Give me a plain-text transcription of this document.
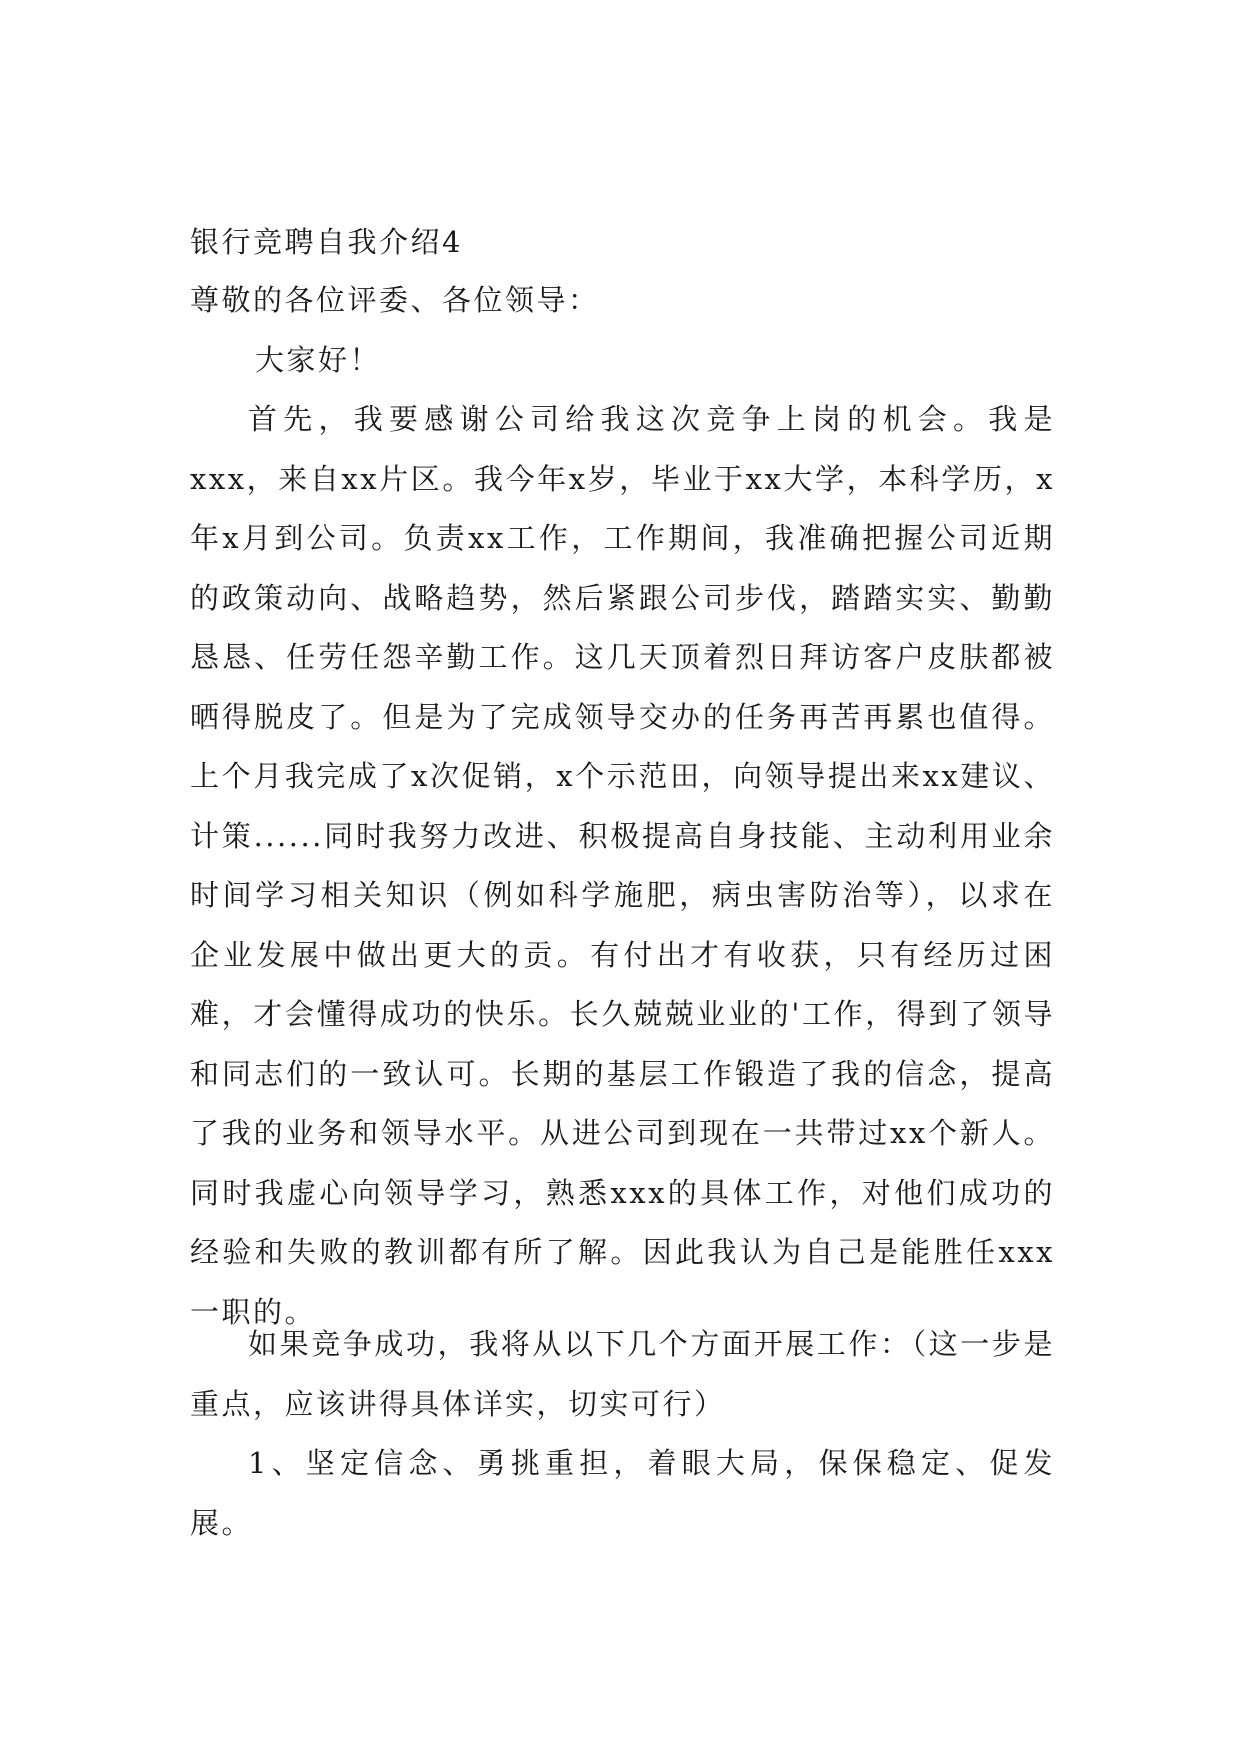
银行竞聘自我介绍4
尊敬的各位评委、各位领导：
大家好！

首先，我要感谢公司给我这次竞争上岗的机会。我是xxx，来自xx片区。我今年x岁，毕业于xx大学，本科学历，x年x月到公司。负责xx工作，工作期间，我准确把握公司近期的政策动向、战略趋势，然后紧跟公司步伐，踏踏实实、勤勤恳恳、任劳任怨辛勤工作。这几天顶着烈日拜访客户皮肤都被晒得脱皮了。但是为了完成领导交办的任务再苦再累也值得。上个月我完成了x次促销，x个示范田，向领导提出来xx建议、计策......同时我努力改进、积极提高自身技能、主动利用业余时间学习相关知识（例如科学施肥，病虫害防治等），以求在企业发展中做出更大的贡。有付出才有收获，只有经历过困难，才会懂得成功的快乐。长久兢兢业业的'工作，得到了领导和同志们的一致认可。长期的基层工作锻造了我的信念，提高了我的业务和领导水平。从进公司到现在一共带过xx个新人。同时我虚心向领导学习，熟悉xxx的具体工作，对他们成功的经验和失败的教训都有所了解。因此我认为自己是能胜任xxx一职的。

如果竞争成功，我将从以下几个方面开展工作：（这一步是重点，应该讲得具体详实，切实可行）

1、坚定信念、勇挑重担，着眼大局，保保稳定、促发展。
